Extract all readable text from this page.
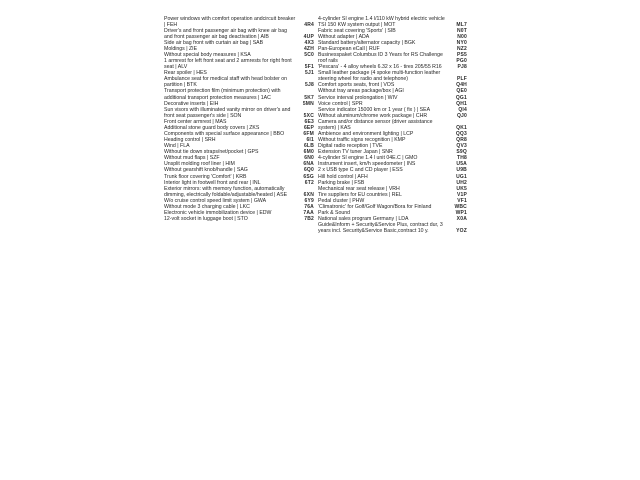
Power windows with comfort operation andcircuit breaker | FEH	4R4
Driver's and front passenger air bag with knee air bag and front passenger air bag deactivation | AIB	4UP
Side air bag front with curtain air bag | SAB	4X3
Moldings | ZIE	4ZH
Without special body measures | KSA	5C0
1 armrest for left front seat and 2 armrests for right front seat | ALV	5F1
Rear spoiler | HES	5J1
Ambulance seat for medical staff with head bolster on partition | BTK	5J8
Transport protection film (minimum protection) with additional transport protection measures | 1AC	5K7
Decorative inserts | EIH	5MN
Sun visors with illuminated vanity mirror on driver's and front seat passenger's side | SON	5XC
Front center armrest | MAS	6E3
Additional stone guard body covers | ZKS	6EP
Components with special surface appearance | BBO	6FM
Heading control | SRH	6I1
Wind | FLA	6LB
Without tie down straps/net/pocket | GPS	6M0
Without mud flaps | SZF	6N0
Unsplit molding roof liner | HIM	6NA
Without gearshift knob/handle | SAG	6Q0
Trunk floor covering 'Comfort' | KRB	6SG
Interior light in footwell front and rear | INL	6T2
Exterior mirrors: with memory function, automatically dimming, electrically foldable/adjustable/heated | ASE	6XN
W/o cruise control speed limit system | GWA	6Y9
Without mode 3 charging cable | LKC	76A
Electronic vehicle immobilization device | EDW	7AA
12-volt socket in luggage boot | STO	7B2
4-cylinder SI engine 1.4 l/110 kW hybrid electric vehicle TSI 150 KW system output | MOT	ML7
Fabric seat covering 'Sports' | SIB	N0T
Without adapter | ADA	N00
Standard battery/alternator capacity | BGK	NY0
Pan-European eCall | RUF	NZ2
Businesspaket Columbus ID 3 Years for RS Challenge	PS5
roof rails	PG0
'Pescara' - 4 alloy wheels 6.32 x 16 - tires 205/55 R16	PJ8
Small leather package (4 spoke multi-function leather steering wheel for radio and telephone)	PLF
Comfort sports seats, front | VOS	Q4H
Without tray areas package/box | AGI	QE0
Service interval prolongation | WIV	QG1
Voice control | SPR	QH1
Service indicator 15000 km or 1 year ( fix ) | SEA	QI4
Without aluminum/chrome work package | CHR	QJ0
Camera and/or distance sensor (driver assistance system) | KAS	QK1
Ambience and environment lighting | LCP	QQ3
Without traffic signs recognition | KMP	QR8
Digital radio reception | TVE	QV3
Extension TV tuner Japan | SNR	S9Q
4-cylinder SI engine 1.4 l unit 04E.C | GMO	TH8
Instrument insert, km/h speedometer | INS	U5A
2 x USB type C and CD player | ESS	U9B
Hill hold control | AFH	UG1
Parking brake | FSB	UH2
Mechanical rear seat release | VRH	UK5
Tire suppliers for EU countries | REL	V1P
Pedal cluster | PHW	VF1
'Climatronic' for Golf/Golf Wagon/Bora for Finland	WBC
Park & Sound	WP1
National sales program Germany | LDA	X0A
Guide&Inform + Security&Service Plus, contract dur, 3 years incl. Security&Service Basic,contract 10 y.	YOZ
